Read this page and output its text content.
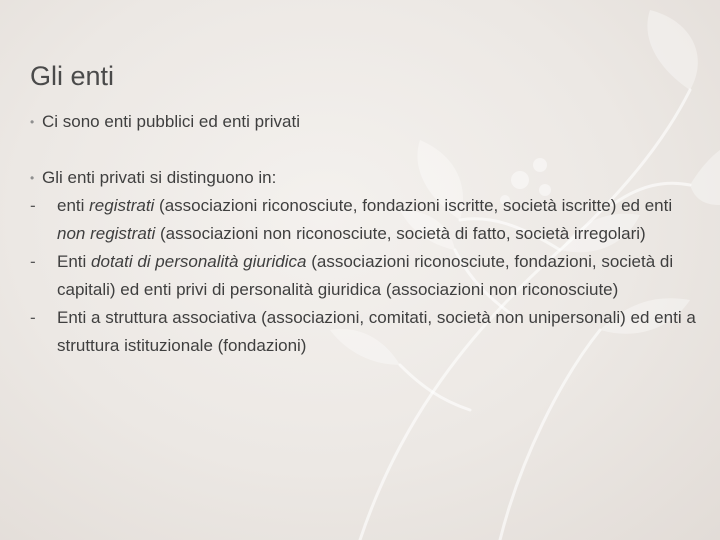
Gli enti
• Ci sono enti pubblici ed enti privati
• Gli enti privati si distinguono in:
- enti registrati (associazioni riconosciute, fondazioni iscritte, società iscritte) ed enti non registrati (associazioni non riconosciute, società di fatto, società irregolari)
- Enti dotati di personalità giuridica (associazioni riconosciute, fondazioni, società di capitali) ed enti privi di personalità giuridica (associazioni non riconosciute)
- Enti a struttura associativa (associazioni, comitati, società non unipersonali) ed enti a struttura istituzionale (fondazioni)
